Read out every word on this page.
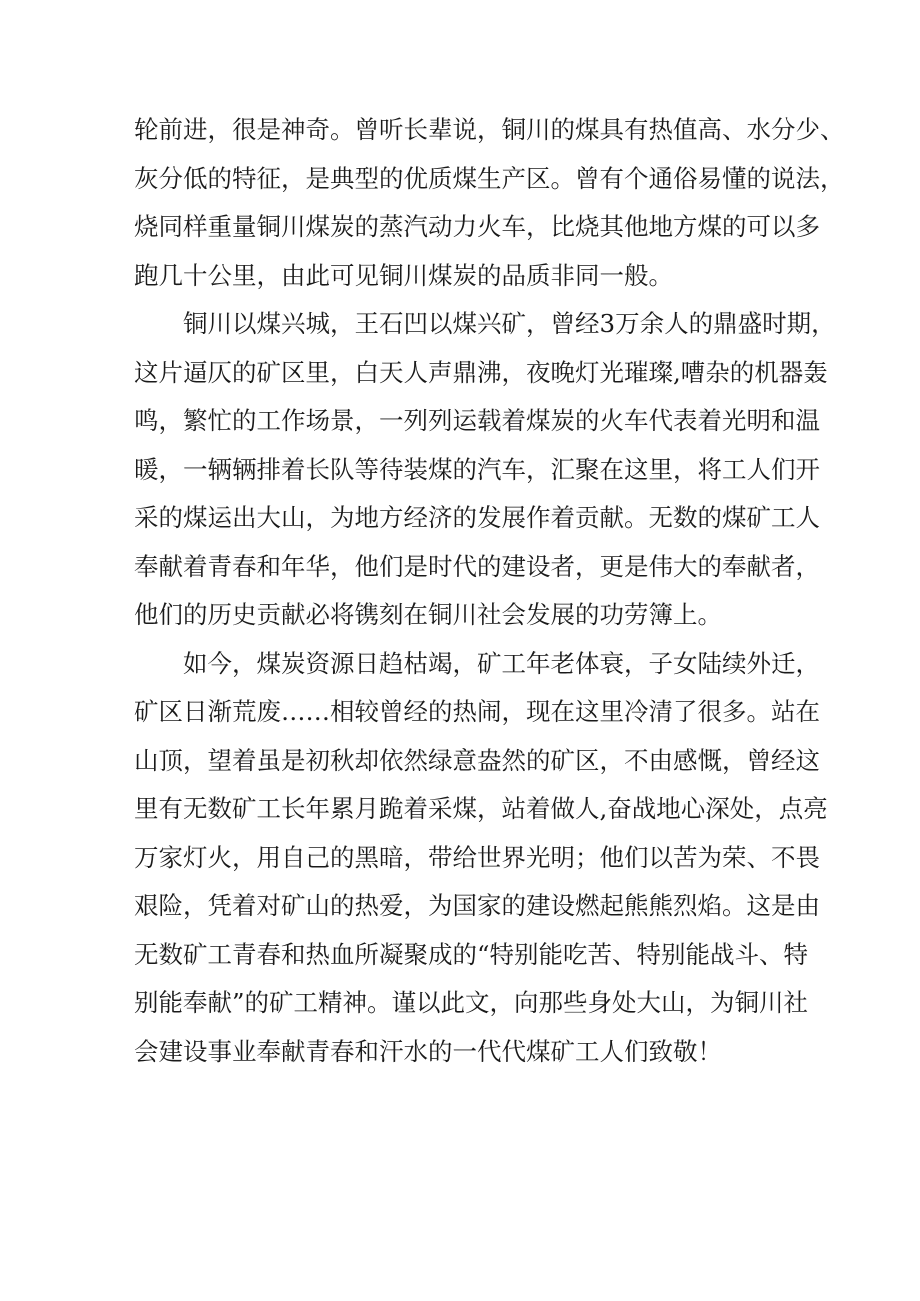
轮前进，很是神奇。曾听长辈说，铜川的煤具有热值高、水分少、
灰分低的特征，是典型的优质煤生产区。曾有个通俗易懂的说法，
烧同样重量铜川煤炭的蒸汽动力火车，比烧其他地方煤的可以多
跑几十公里，由此可见铜川煤炭的品质非同一般。
铜川以煤兴城，王石凹以煤兴矿，曾经3万余人的鼎盛时期，
这片逼仄的矿区里，白天人声鼎沸，夜晚灯光璀璨,嘈杂的机器轰
鸣，繁忙的工作场景，一列列运载着煤炭的火车代表着光明和温
暖，一辆辆排着长队等待装煤的汽车，汇聚在这里，将工人们开
采的煤运出大山，为地方经济的发展作着贡献。无数的煤矿工人
奉献着青春和年华，他们是时代的建设者，更是伟大的奉献者，
他们的历史贡献必将镌刻在铜川社会发展的功劳簿上。
如今，煤炭资源日趋枯竭，矿工年老体衰，子女陆续外迁，
矿区日渐荒废……相较曾经的热闹，现在这里冷清了很多。站在
山顶，望着虽是初秋却依然绿意盎然的矿区，不由感慨，曾经这
里有无数矿工长年累月跪着采煤，站着做人,奋战地心深处，点亮
万家灯火，用自己的黑暗，带给世界光明；他们以苦为荣、不畏
艰险，凭着对矿山的热爱，为国家的建设燃起熊熊烈焰。这是由
无数矿工青春和热血所凝聚成的“特别能吃苦、特别能战斗、特
别能奉献”的矿工精神。谨以此文，向那些身处大山，为铜川社
会建设事业奉献青春和汗水的一代代煤矿工人们致敬！
